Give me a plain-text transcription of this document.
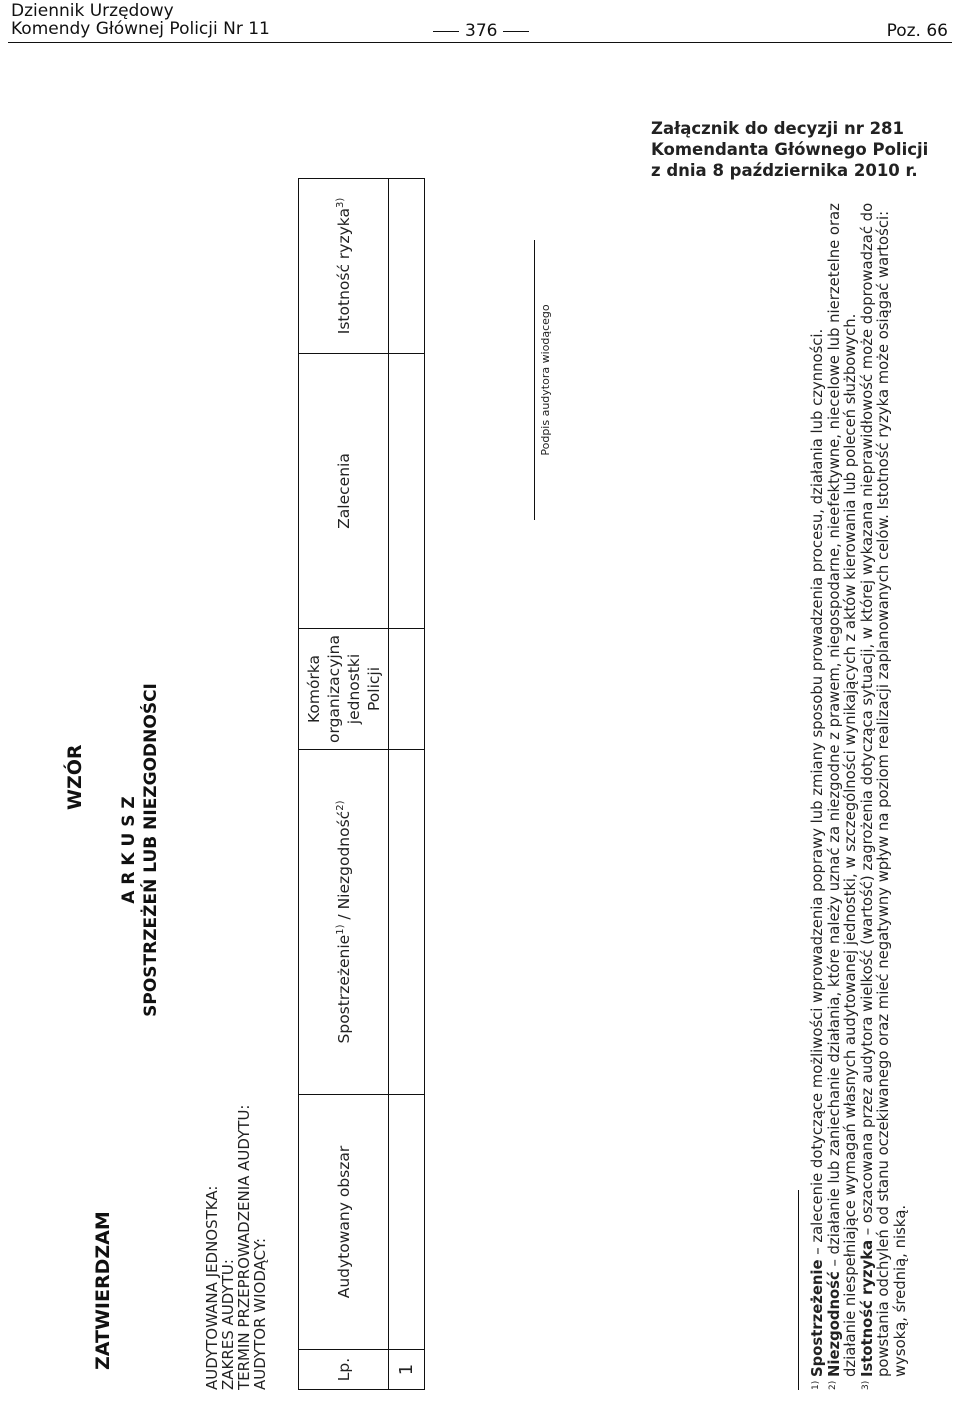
Dziennik Urzędowy
Komendy Głównej Policji Nr 11	376	Poz. 66
Załącznik do decyzji nr 281
Komendanta Głównego Policji
z dnia 8 października 2010 r.
ZATWIERDZAM
WZÓR
A R K U S Z SPOSTRZEŻEŃ LUB NIEZGODNOŚCI
AUDYTOWANA JEDNOSTKA:
ZAKRES AUDYTU:
TERMIN PRZEPROWADZENIA AUDYTU:
AUDYTOR WIODĄCY:	Lp.	Audytowany obszar	Spostrzeżenie$^{1)}$ / Niezgodność$^{2)}$	Komórka organizacyjna jednostki Policji	Zalecenia	Istotność ryzyka$^{3)}$
1					
Podpis audytora wiodącego

1)
Spostrzeżenie – zalecenie dotyczące możliwości wprowadzenia poprawy lub zmiany sposobu prowadzenia procesu, działania lub czynności.

2)
Niezgodność – działanie lub zaniechanie działania, które należy uznać za niezgodne z prawem, niegospodarne, nieefektywne, niecelowe lub nierzetelne oraz działanie niespełniające wymagań własnych audytowanej jednostki, w szczególności wynikających z aktów kierowania lub poleceń służbowych.

3)
Istotność ryzyka – oszacowana przez audytora wielkość (wartość) zagrożenia dotycząca sytuacji, w której wykazana nieprawidłowość może doprowadzać do powstania odchyleń od stanu oczekiwanego oraz mieć negatywny wpływ na poziom realizacji zaplanowanych celów. Istotność ryzyka może osiągać wartości: wysoką, średnią, niską.
